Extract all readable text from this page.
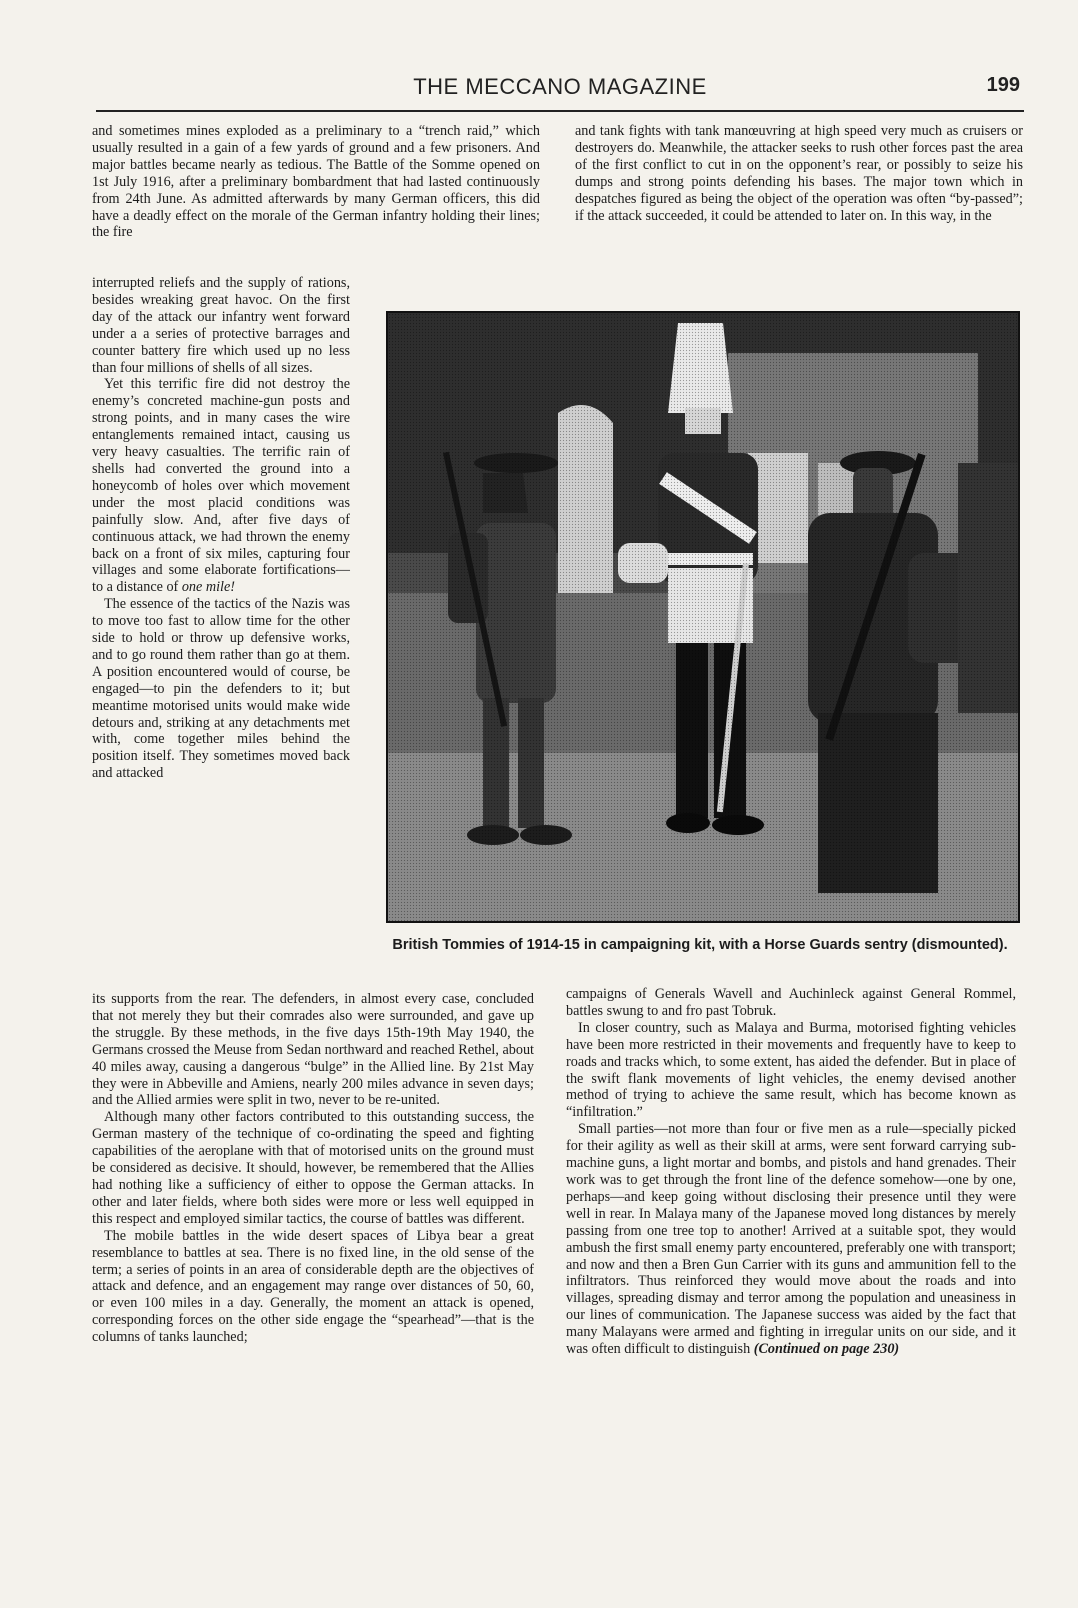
THE MECCANO MAGAZINE	199

and sometimes mines exploded as a preliminary to a “trench raid,” which usually resulted in a gain of a few yards of ground and a few prisoners. And major battles became nearly as tedious. The Battle of the Somme opened on 1st July 1916, after a preliminary bombardment that had lasted continuously from 24th June. As admitted afterwards by many German officers, this did have a deadly effect on the morale of the German infantry holding their lines; the fire

interrupted reliefs and the supply of rations, besides wreaking great havoc. On the first day of the attack our infantry went forward under a a series of protective barrages and counter battery fire which used up no less than four millions of shells of all sizes.

Yet this terrific fire did not destroy the enemy’s concreted machine-gun posts and strong points, and in many cases the wire entanglements remained intact, causing us very heavy casualties. The terrific rain of shells had converted the ground into a honeycomb of holes over which movement under the most placid conditions was painfully slow. And, after five days of continuous attack, we had thrown the enemy back on a front of six miles, capturing four villages and some elaborate fortifications—to a distance of one mile!

The essence of the tactics of the Nazis was to move too fast to allow time for the other side to hold or throw up defensive works, and to go round them rather than go at them. A position encountered would of course, be engaged—to pin the defenders to it; but meantime motorised units would make wide detours and, striking at any detachments met with, come together miles behind the position itself. They sometimes moved back and attacked

British Tommies of 1914-15 in campaigning kit, with a Horse Guards sentry (dismounted).

its supports from the rear. The defenders, in almost every case, concluded that not merely they but their comrades also were surrounded, and gave up the struggle. By these methods, in the five days 15th-19th May 1940, the Germans crossed the Meuse from Sedan northward and reached Rethel, about 40 miles away, causing a dangerous “bulge” in the Allied line. By 21st May they were in Abbeville and Amiens, nearly 200 miles advance in seven days; and the Allied armies were split in two, never to be re-united.

Although many other factors contributed to this outstanding success, the German mastery of the technique of co-ordinating the speed and fighting capabilities of the aeroplane with that of motorised units on the ground must be considered as decisive. It should, however, be remembered that the Allies had nothing like a sufficiency of either to oppose the German attacks. In other and later fields, where both sides were more or less well equipped in this respect and employed similar tactics, the course of battles was different.

The mobile battles in the wide desert spaces of Libya bear a great resemblance to battles at sea. There is no fixed line, in the old sense of the term; a series of points in an area of considerable depth are the objectives of attack and defence, and an engagement may range over distances of 50, 60, or even 100 miles in a day. Generally, the moment an attack is opened, corresponding forces on the other side engage the “spearhead”—that is the columns of tanks launched;

and tank fights with tank manœuvring at high speed very much as cruisers or destroyers do. Meanwhile, the attacker seeks to rush other forces past the area of the first conflict to cut in on the opponent’s rear, or possibly to seize his dumps and strong points defending his bases. The major town which in despatches figured as being the object of the operation was often “by-passed”; if the attack succeeded, it could be attended to later on. In this way, in the

campaigns of Generals Wavell and Auchinleck against General Rommel, battles swung to and fro past Tobruk.

In closer country, such as Malaya and Burma, motorised fighting vehicles have been more restricted in their movements and frequently have to keep to roads and tracks which, to some extent, has aided the defender. But in place of the swift flank movements of light vehicles, the enemy devised another method of trying to achieve the same result, which has become known as “infiltration.”

Small parties—not more than four or five men as a rule—specially picked for their agility as well as their skill at arms, were sent forward carrying sub-machine guns, a light mortar and bombs, and pistols and hand grenades. Their work was to get through the front line of the defence somehow—one by one, perhaps—and keep going without disclosing their presence until they were well in rear. In Malaya many of the Japanese moved long distances by merely passing from one tree top to another! Arrived at a suitable spot, they would ambush the first small enemy party encountered, preferably one with transport; and now and then a Bren Gun Carrier with its guns and ammunition fell to the infiltrators. Thus reinforced they would move about the roads and into villages, spreading dismay and terror among the population and uneasiness in our lines of communication. The Japanese success was aided by the fact that many Malayans were armed and fighting in irregular units on our side, and it was often difficult to distinguish (Continued on page 230)
